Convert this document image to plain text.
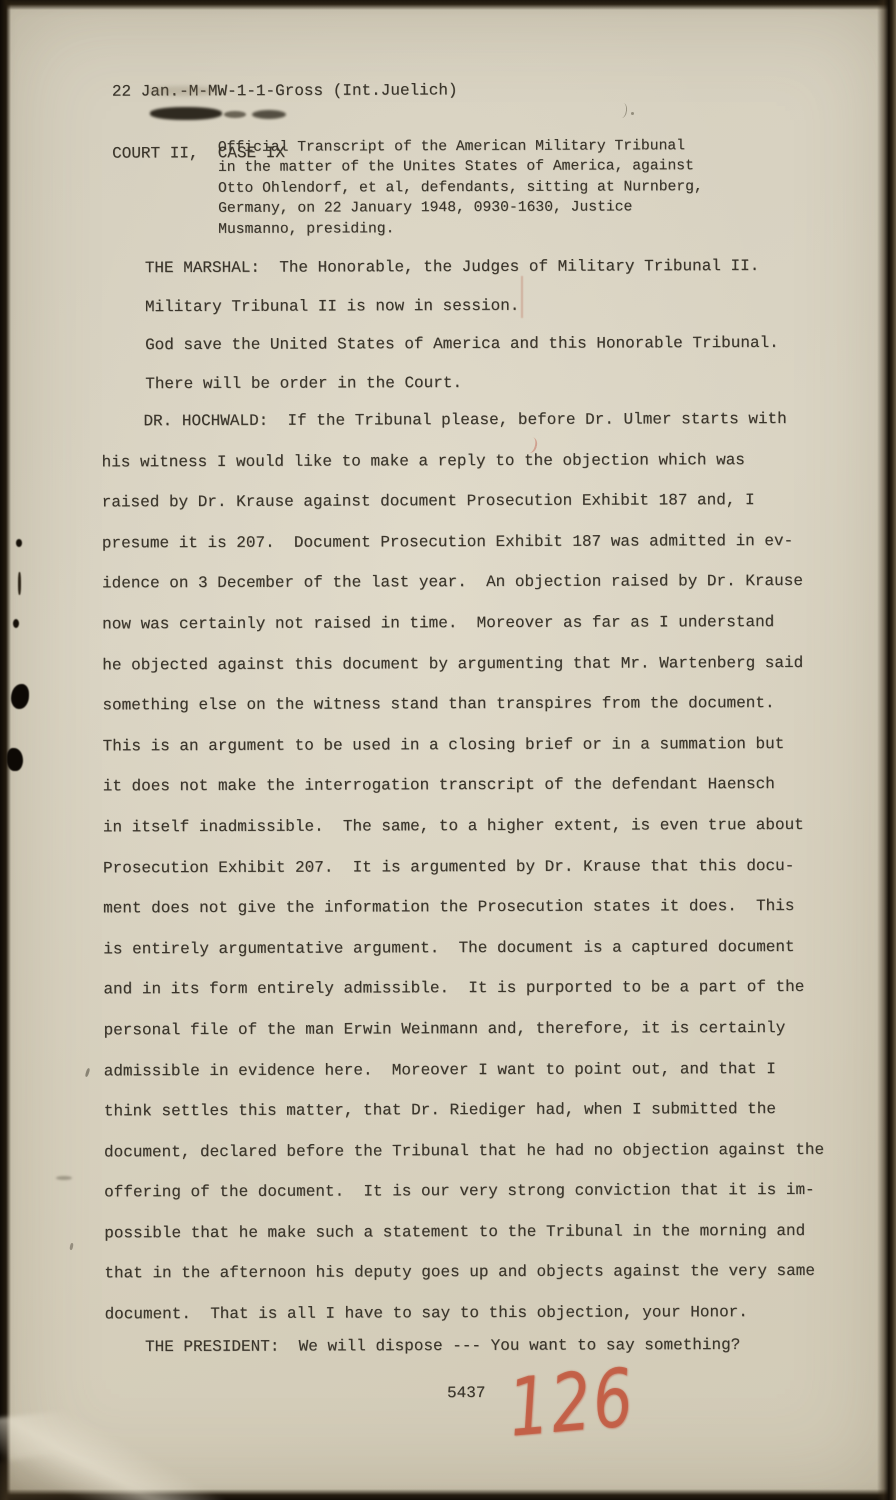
22 Jan.-M-MW-1-1-Gross (Int.Juelich)

COURT II,  CASE IX

Official Transcript of the American Military Tribunal
in the matter of the Unites States of America, against
Otto Ohlendorf, et al, defendants, sitting at Nurnberg,
Germany, on 22 January 1948, 0930-1630, Justice
Musmanno, presiding.
THE MARSHAL:  The Honorable, the Judges of Military Tribunal II.
Military Tribunal II is now in session.
God save the United States of America and this Honorable Tribunal.
There will be order in the Court.
DR. HOCHWALD:  If the Tribunal please, before Dr. Ulmer starts with
his witness I would like to make a reply to the objection which was
raised by Dr. Krause against document Prosecution Exhibit 187 and, I
presume it is 207.  Document Prosecution Exhibit 187 was admitted in ev-
idence on 3 December of the last year.  An objection raised by Dr. Krause
now was certainly not raised in time.  Moreover as far as I understand
he objected against this document by argumenting that Mr. Wartenberg said
something else on the witness stand than transpires from the document.
This is an argument to be used in a closing brief or in a summation but
it does not make the interrogation transcript of the defendant Haensch
in itself inadmissible.  The same, to a higher extent, is even true about
Prosecution Exhibit 207.  It is argumented by Dr. Krause that this docu-
ment does not give the information the Prosecution states it does.  This
is entirely argumentative argument.  The document is a captured document
and in its form entirely admissible.  It is purported to be a part of the
personal file of the man Erwin Weinmann and, therefore, it is certainly
admissible in evidence here.  Moreover I want to point out, and that I
think settles this matter, that Dr. Riediger had, when I submitted the
document, declared before the Tribunal that he had no objection against the
offering of the document.  It is our very strong conviction that it is im-
possible that he make such a statement to the Tribunal in the morning and
that in the afternoon his deputy goes up and objects against the very same
document.  That is all I have to say to this objection, your Honor.
THE PRESIDENT:  We will dispose --- You want to say something?
5437 126
